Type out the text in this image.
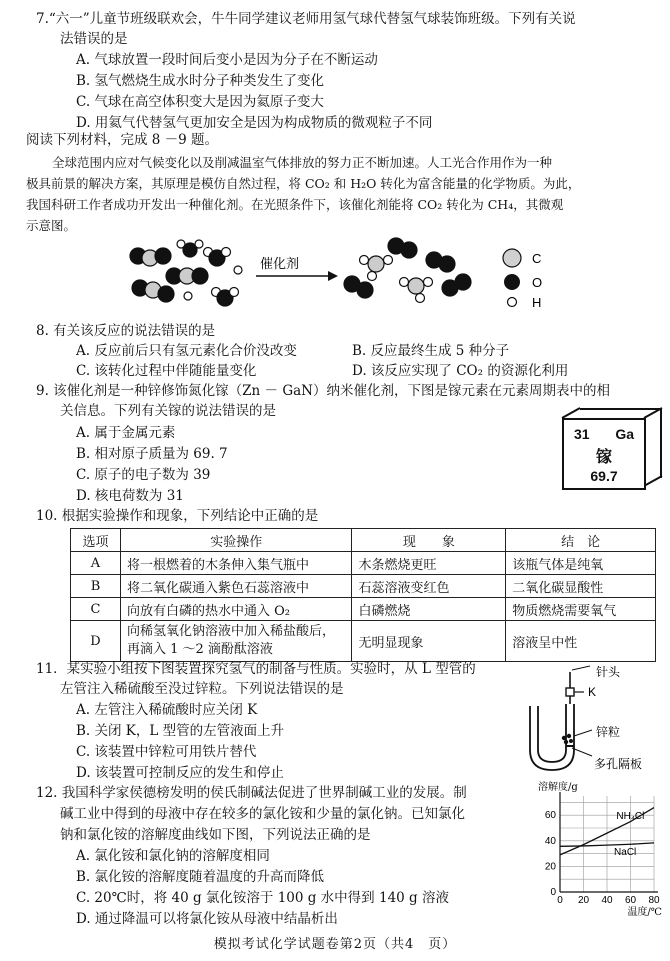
7.“六一”儿童节班级联欢会，牛牛同学建议老师用氢气球代替氢气球装饰班级。下列有关说
法错误的是
A. 气球放置一段时间后变小是因为分子在不断运动
B. 氢气燃烧生成水时分子种类发生了变化
C. 气球在高空体积变大是因为氦原子变大
D. 用氦气代替氢气更加安全是因为构成物质的微观粒子不同
阅读下列材料，完成 8 －9 题。
全球范围内应对气候变化以及削减温室气体排放的努力正不断加速。人工光合作用作为一种
极具前景的解决方案，其原理是模仿自然过程，将 CO₂ 和 H₂O 转化为富含能量的化学物质。为此，
我国科研工作者成功开发出一种催化剂。在光照条件下，该催化剂能将 CO₂ 转化为 CH₄，其微观
示意图。
催化剂	C
O
H
8. 有关该反应的说法错误的是
A. 反应前后只有氢元素化合价没改变	B. 反应最终生成 5 种分子
C. 该转化过程中伴随能量变化	D. 该反应实现了 CO₂ 的资源化利用
9. 该催化剂是一种锌修饰氮化镓（Zn － GaN）纳米催化剂，下图是镓元素在元素周期表中的相
关信息。下列有关镓的说法错误的是
A. 属于金属元素
B. 相对原子质量为 69. 7
C. 原子的电子数为 39
D. 核电荷数为 31
31 Ga
镓
69.7
10. 根据实验操作和现象，下列结论中正确的是
选项	实验操作	现　　象	结　论
A	将一根燃着的木条伸入集气瓶中	木条燃烧更旺	该瓶气体是纯氧
B	将二氧化碳通入紫色石蕊溶液中	石蕊溶液变红色	二氧化碳显酸性
C	向放有白磷的热水中通入 O₂	白磷燃烧	物质燃烧需要氧气
D	向稀氢氧化钠溶液中加入稀盐酸后，再滴入 1 ～2 滴酚酞溶液	无明显现象	溶液呈中性
11．某实验小组按下图装置探究氢气的制备与性质。实验时，从 L 型管的
左管注入稀硫酸至没过锌粒。下列说法错误的是
A. 左管注入稀硫酸时应关闭 K
B. 关闭 K，L 型管的左管液面上升
C. 该装置中锌粒可用铁片替代
D. 该装置可控制反应的发生和停止
针头
K
锌粒
多孔隔板
12. 我国科学家侯德榜发明的侯氏制碱法促进了世界制碱工业的发展。制
碱工业中得到的母液中存在较多的氯化铵和少量的氯化钠。已知氯化
钠和氯化铵的溶解度曲线如下图，下列说法正确的是
A. 氯化铵和氯化钠的溶解度相同
B. 氯化铵的溶解度随着温度的升高而降低
C. 20℃时，将 40 g 氯化铵溶于 100 g 水中得到 140 g 溶液
D. 通过降温可以将氯化铵从母液中结晶析出
NH₄Cl
NaCl
0 20 40 60 80
0
20
40
60
溶解度/g
温度/℃
模拟考试化学试题卷第2页（共4　页）
